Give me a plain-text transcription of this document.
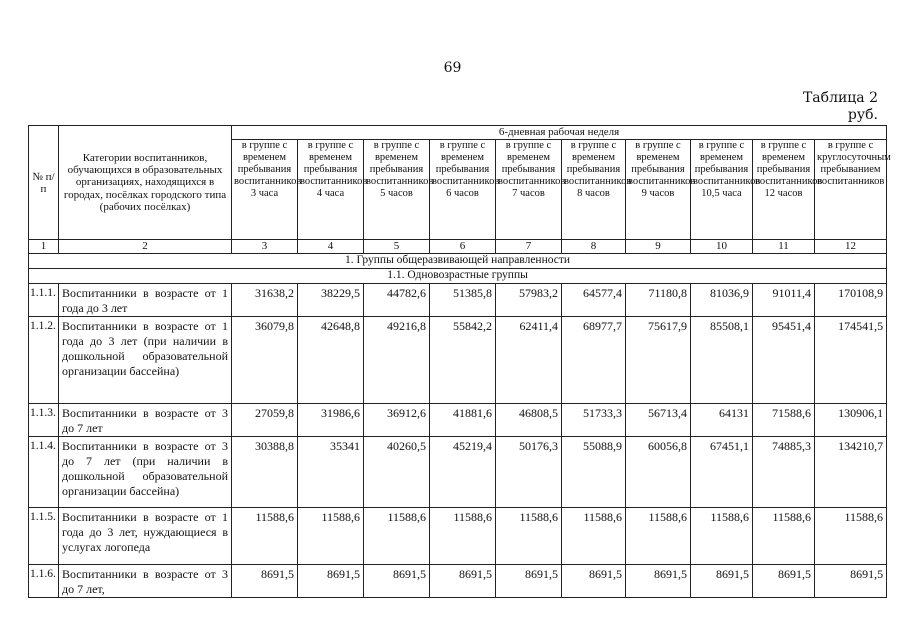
69
Таблица 2
руб.
№ п/п	Категории воспитанников, обучающихся в образовательных организациях, находящихся в городах, посёлках городского типа (рабочих посёлках)	6-дневная рабочая неделя									
		в группе с временем пребывания воспитанников 3 часа	в группе с временем пребывания воспитанников 4 часа	в группе с временем пребывания воспитанников 5 часов	в группе с временем пребывания воспитанников 6 часов	в группе с временем пребывания воспитанников 7 часов	в группе с временем пребывания воспитанников 8 часов	в группе с временем пребывания воспитанников 9 часов	в группе с временем пребывания воспитанников 10,5 часа	в группе с временем пребывания воспитанников 12 часов	в группе с круглосуточным пребыванием воспитанников
1	2	3	4	5	6	7	8	9	10	11	12
1. Группы общеразвивающей направленности											
1.1. Одновозрастные группы											
1.1.1.	Воспитанники в возрасте от 1 года до 3 лет	31638,2	38229,5	44782,6	51385,8	57983,2	64577,4	71180,8	81036,9	91011,4	170108,9
1.1.2.	Воспитанники в возрасте от 1 года до 3 лет (при наличии в дошкольной образовательной организации бассейна)	36079,8	42648,8	49216,8	55842,2	62411,4	68977,7	75617,9	85508,1	95451,4	174541,5
1.1.3.	Воспитанники в возрасте от 3 до 7 лет	27059,8	31986,6	36912,6	41881,6	46808,5	51733,3	56713,4	64131	71588,6	130906,1
1.1.4.	Воспитанники в возрасте от 3 до 7 лет (при наличии в дошкольной образовательной организации бассейна)	30388,8	35341	40260,5	45219,4	50176,3	55088,9	60056,8	67451,1	74885,3	134210,7
1.1.5.	Воспитанники в возрасте от 1 года до 3 лет, нуждающиеся в услугах логопеда	11588,6	11588,6	11588,6	11588,6	11588,6	11588,6	11588,6	11588,6	11588,6	11588,6
1.1.6.	Воспитанники в возрасте от 3 до 7 лет,	8691,5	8691,5	8691,5	8691,5	8691,5	8691,5	8691,5	8691,5	8691,5	8691,5
